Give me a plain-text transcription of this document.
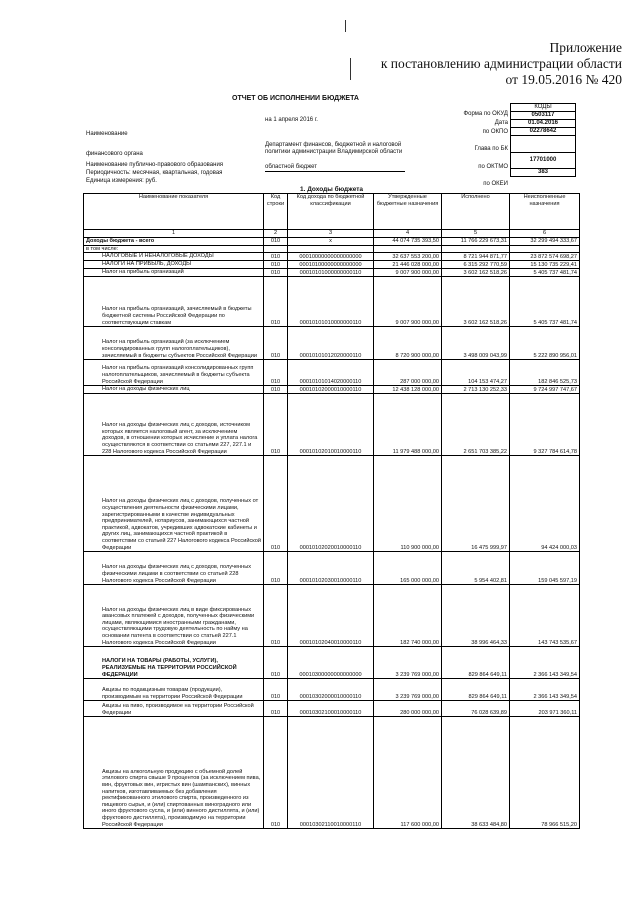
Приложение
к постановлению администрации области
от 19.05.2016 № 420
ОТЧЕТ ОБ ИСПОЛНЕНИИ БЮДЖЕТА
на 1 апреля 2016 г.
Наименование
финансового органа
Департамент финансов, бюджетной и налоговой политики администрации Владимирской области
Наименование публично-правового образования	областной бюджет
Периодичность: месячная, квартальная, годовая
Единица измерения: руб.
Форма по ОКУД
Дата
по ОКПО
Глава по БК
по ОКТМО
по ОКЕИ
КОДЫ
0503117
01.04.2016
02278642

17701000
383
1. Доходы бюджета
Наименование показателя	Код строки	Код дохода по бюджетной классификации	Утвержденные бюджетные назначения	Исполнено	Неисполненные назначения
1	2	3	4	5	6
Доходы бюджета - всего	010	x	44 074 735 393,50	11 766 229 673,31	32 299 494 333,67
в том числе:					
НАЛОГОВЫЕ И НЕНАЛОГОВЫЕ ДОХОДЫ	010	00010000000000000000	32 637 553 200,00	8 721 944 871,77	23 872 574 698,27
НАЛОГИ НА ПРИБЫЛЬ, ДОХОДЫ	010	00010100000000000000	21 446 028 000,00	6 315 292 770,59	15 130 735 229,41
Налог на прибыль организаций	010	00010101000000000110	9 007 900 000,00	3 602 162 518,26	5 405 737 481,74
Налог на прибыль организаций, зачисляемый в бюджеты бюджетной системы Российской Федерации по соответствующим ставкам	010	00010101010000000110	9 007 900 000,00	3 602 162 518,26	5 405 737 481,74
Налог на прибыль организаций (за исключением консолидированных групп налогоплательщиков), зачисляемый в бюджеты субъектов Российской Федерации	010	00010101012020000110	8 720 900 000,00	3 498 009 043,99	5 222 890 956,01
Налог на прибыль организаций консолидированных групп налогоплательщиков, зачисляемый в бюджеты субъекта Российской Федерации	010	00010101014020000110	287 000 000,00	104 153 474,27	182 846 525,73
Налог на доходы физических лиц	010	00010102000010000110	12 438 128 000,00	2 713 130 252,33	9 724 997 747,67
Налог на доходы физических лиц с доходов, источником которых является налоговый агент, за исключением доходов, в отношении которых исчисление и уплата налога осуществляются в соответствии со статьями 227, 227.1 и 228 Налогового кодекса Российской Федерации	010	00010102010010000110	11 979 488 000,00	2 651 703 385,22	9 327 784 614,78
Налог на доходы физических лиц с доходов, полученных от осуществления деятельности физическими лицами, зарегистрированными в качестве индивидуальных предпринимателей, нотариусов, занимающихся частной практикой, адвокатов, учредивших адвокатские кабинеты и других лиц, занимающихся частной практикой в соответствии со статьей 227 Налогового кодекса Российской Федерации	010	00010102020010000110	110 900 000,00	16 475 999,97	94 424 000,03
Налог на доходы физических лиц с доходов, полученных физическими лицами в соответствии со статьей 228 Налогового кодекса Российской Федерации	010	00010102030010000110	165 000 000,00	5 954 402,81	159 045 597,19
Налог на доходы физических лиц в виде фиксированных авансовых платежей с доходов, полученных физическими лицами, являющимися иностранными гражданами, осуществляющими трудовую деятельность по найму на основании патента в соответствии со статьей 227.1 Налогового кодекса Российской Федерации	010	00010102040010000110	182 740 000,00	38 996 464,33	143 743 535,67
НАЛОГИ НА ТОВАРЫ (РАБОТЫ, УСЛУГИ), РЕАЛИЗУЕМЫЕ НА ТЕРРИТОРИИ РОССИЙСКОЙ ФЕДЕРАЦИИ	010	00010300000000000000	3 239 769 000,00	829 864 649,11	2 366 143 349,54
Акцизы по подакцизным товарам (продукции), производимым на территории Российской Федерации	010	00010302000010000110	3 239 769 000,00	829 864 649,11	2 366 143 349,54
Акцизы на пиво, производимое на территории Российской Федерации	010	00010302100010000110	280 000 000,00	76 028 639,89	203 971 360,11
Акцизы на алкогольную продукцию с объемной долей этилового спирта свыше 9 процентов (за исключением пива, вин, фруктовых вин, игристых вин (шампанских), винных напитков, изготавливаемых без добавления ректификованного этилового спирта, произведенного из пищевого сырья, и (или) спиртованных виноградного или иного фруктового сусла, и (или) винного дистиллята, и (или) фруктового дистиллята), производимую на территории Российской Федерации	010	00010302110010000110	117 600 000,00	38 633 484,80	78 966 515,20
